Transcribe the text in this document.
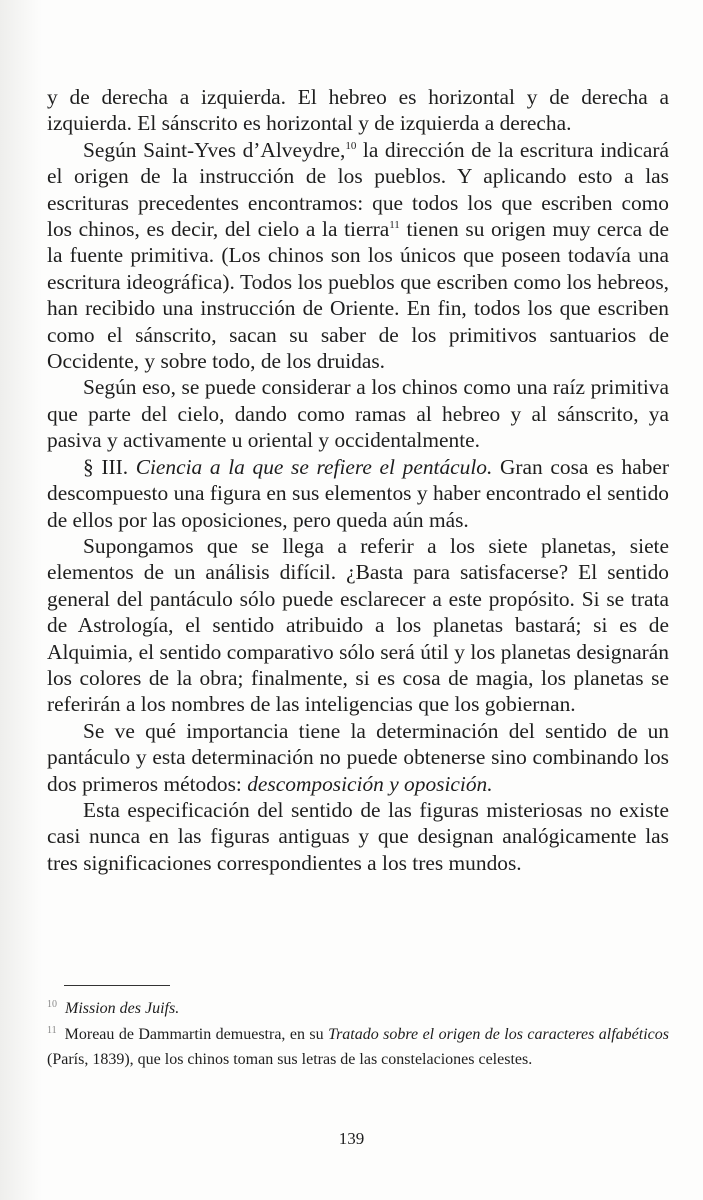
y de derecha a izquierda. El hebreo es horizontal y de derecha a izquierda. El sánscrito es horizontal y de izquierda a derecha.

Según Saint-Yves d’Alveydre,$^{10}$ la dirección de la escritura indicará el origen de la instrucción de los pueblos. Y aplicando esto a las escrituras precedentes encontramos: que todos los que escriben como los chinos, es decir, del cielo a la tierra$^{11}$ tienen su origen muy cerca de la fuente primitiva. (Los chinos son los únicos que poseen todavía una escritura ideográfica). Todos los pueblos que escriben como los hebreos, han recibido una instrucción de Oriente. En fin, todos los que escriben como el sánscrito, sacan su saber de los primitivos santuarios de Occidente, y sobre todo, de los druidas.

Según eso, se puede considerar a los chinos como una raíz primitiva que parte del cielo, dando como ramas al hebreo y al sánscrito, ya pasiva y activamente u oriental y occidentalmente.

§ III. Ciencia a la que se refiere el pentáculo. Gran cosa es haber descompuesto una figura en sus elementos y haber encontrado el sentido de ellos por las oposiciones, pero queda aún más.

Supongamos que se llega a referir a los siete planetas, siete elementos de un análisis difícil. ¿Basta para satisfacerse? El sentido general del pantáculo sólo puede esclarecer a este propósito. Si se trata de Astrología, el sentido atribuido a los planetas bastará; si es de Alquimia, el sentido comparativo sólo será útil y los planetas designarán los colores de la obra; finalmente, si es cosa de magia, los planetas se referirán a los nombres de las inteligencias que los gobiernan.

Se ve qué importancia tiene la determinación del sentido de un pantáculo y esta determinación no puede obtenerse sino combinando los dos primeros métodos: descomposición y oposición.

Esta especificación del sentido de las figuras misteriosas no existe casi nunca en las figuras antiguas y que designan analógicamente las tres significaciones correspondientes a los tres mundos.

$^{10}$ Mission des Juifs.

$^{11}$ Moreau de Dammartin demuestra, en su Tratado sobre el origen de los caracteres alfabéticos (París, 1839), que los chinos toman sus letras de las constelaciones celestes.

139
